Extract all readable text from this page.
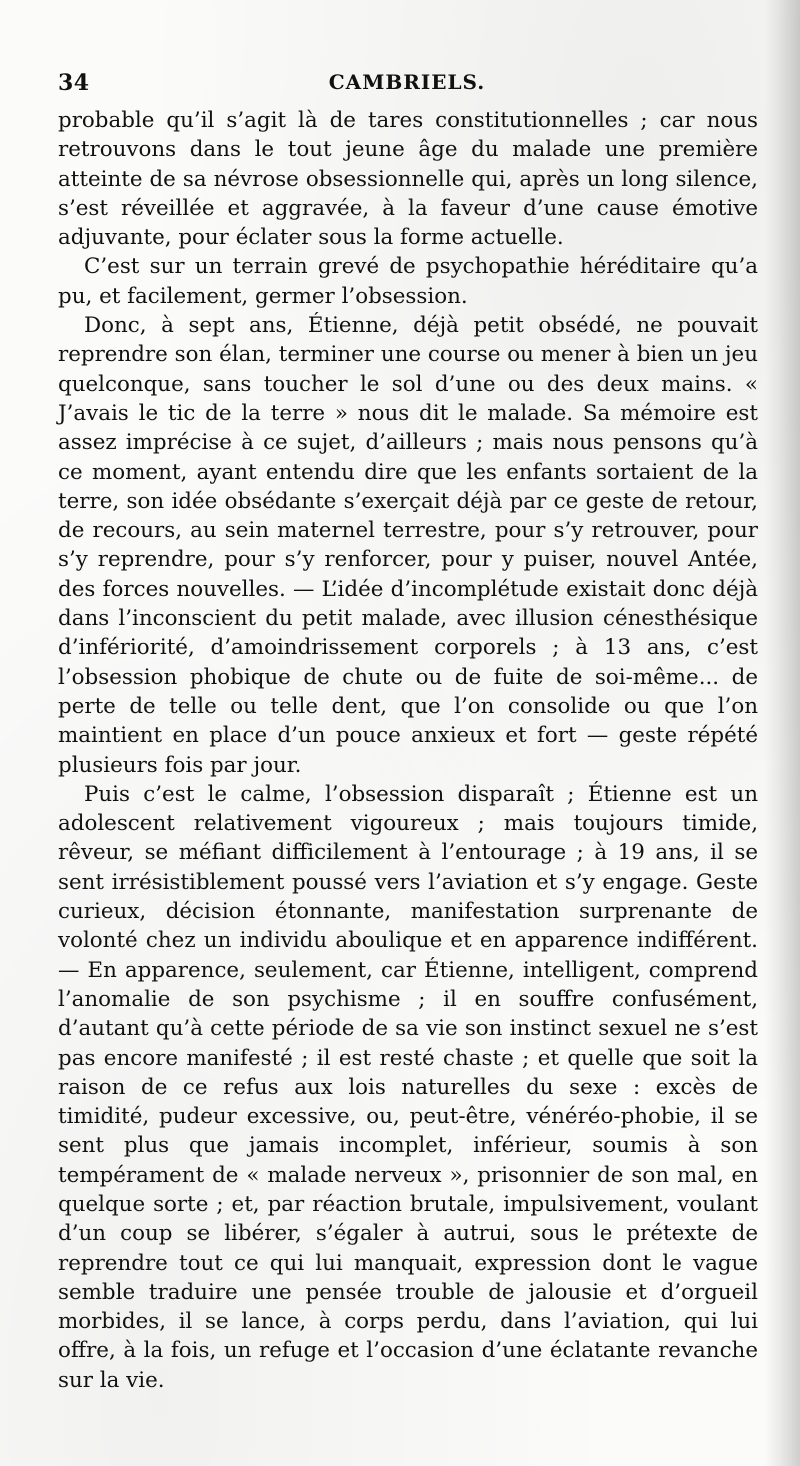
34	CAMBRIELS.

probable qu’il s’agit là de tares constitutionnelles ; car nous retrouvons dans le tout jeune âge du malade une première atteinte de sa névrose obsessionnelle qui, après un long silence, s’est réveillée et aggravée, à la faveur d’une cause émotive adjuvante, pour éclater sous la forme actuelle.

C’est sur un terrain grevé de psychopathie héréditaire qu’a pu, et facilement, germer l’obsession.

Donc, à sept ans, Étienne, déjà petit obsédé, ne pouvait reprendre son élan, terminer une course ou mener à bien un jeu quelconque, sans toucher le sol d’une ou des deux mains. « J’avais le tic de la terre » nous dit le malade. Sa mémoire est assez imprécise à ce sujet, d’ailleurs ; mais nous pensons qu’à ce moment, ayant entendu dire que les enfants sortaient de la terre, son idée obsédante s’exerçait déjà par ce geste de retour, de recours, au sein maternel terrestre, pour s’y retrouver, pour s’y reprendre, pour s’y renforcer, pour y puiser, nouvel Antée, des forces nouvelles. — L’idée d’incomplétude existait donc déjà dans l’inconscient du petit malade, avec illusion cénesthésique d’infériorité, d’amoindrissement corporels ; à 13 ans, c’est l’obsession phobique de chute ou de fuite de soi-même... de perte de telle ou telle dent, que l’on consolide ou que l’on maintient en place d’un pouce anxieux et fort — geste répété plusieurs fois par jour.

Puis c’est le calme, l’obsession disparaît ; Étienne est un adolescent relativement vigoureux ; mais toujours timide, rêveur, se méfiant difficilement à l’entourage ; à 19 ans, il se sent irrésistiblement poussé vers l’aviation et s’y engage. Geste curieux, décision étonnante, manifestation surprenante de volonté chez un individu aboulique et en apparence indifférent. — En apparence, seulement, car Étienne, intelligent, comprend l’anomalie de son psychisme ; il en souffre confusément, d’autant qu’à cette période de sa vie son instinct sexuel ne s’est pas encore manifesté ; il est resté chaste ; et quelle que soit la raison de ce refus aux lois naturelles du sexe : excès de timidité, pudeur excessive, ou, peut-être, vénéréo-phobie, il se sent plus que jamais incomplet, inférieur, soumis à son tempérament de « malade nerveux », prisonnier de son mal, en quelque sorte ; et, par réaction brutale, impulsivement, voulant d’un coup se libérer, s’égaler à autrui, sous le prétexte de reprendre tout ce qui lui manquait, expression dont le vague semble traduire une pensée trouble de jalousie et d’orgueil morbides, il se lance, à corps perdu, dans l’aviation, qui lui offre, à la fois, un refuge et l’occasion d’une éclatante revanche sur la vie.
